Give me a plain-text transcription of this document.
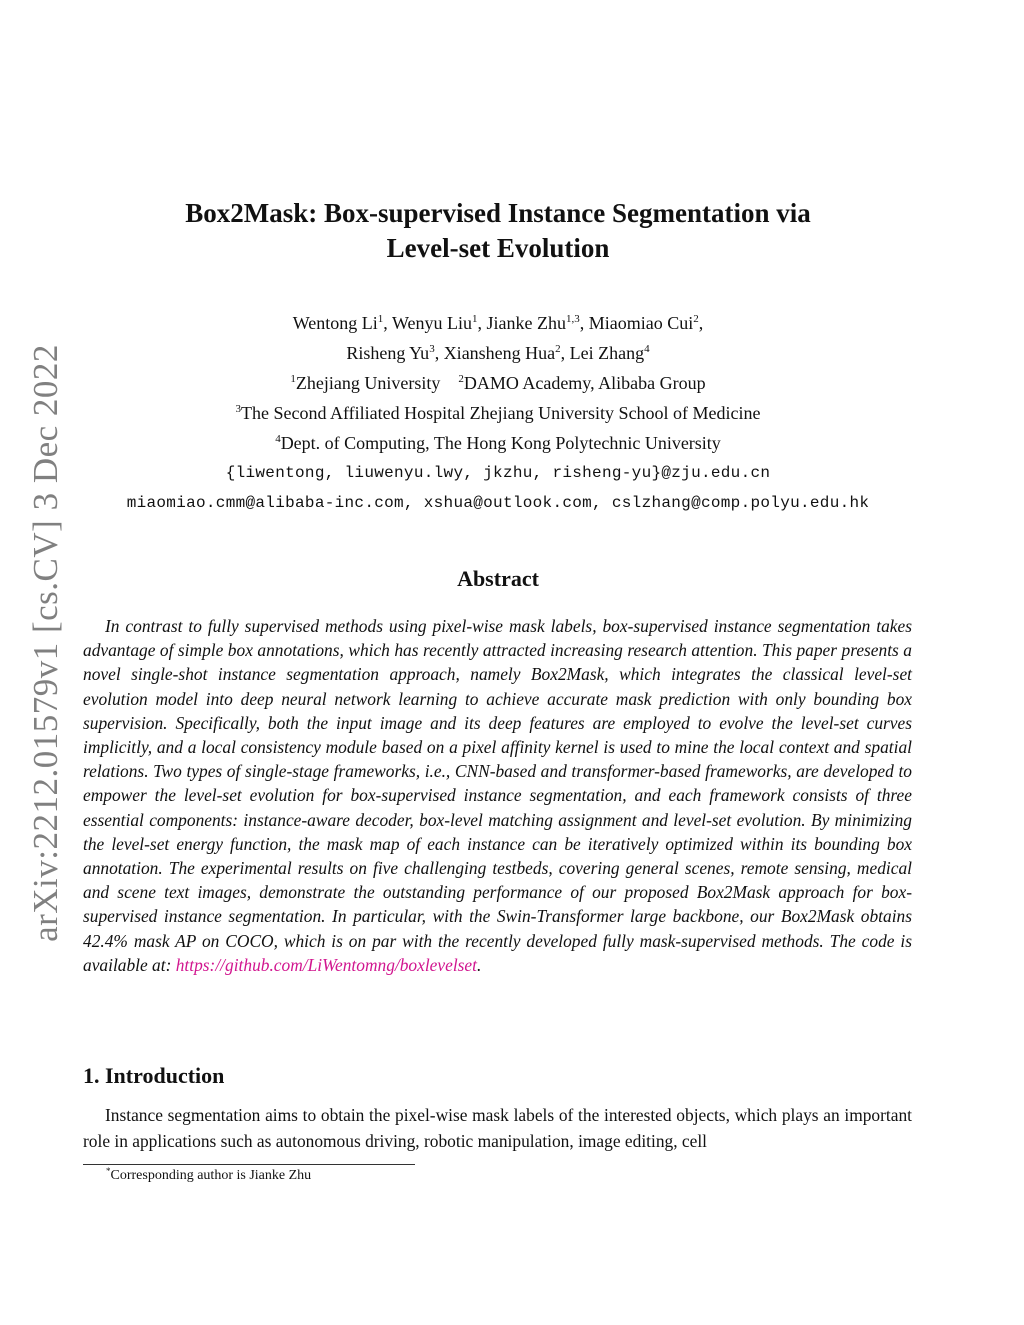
arXiv:2212.01579v1 [cs.CV] 3 Dec 2022
Box2Mask: Box-supervised Instance Segmentation via
Level-set Evolution
Wentong Li$^1$, Wenyu Liu$^1$, Jianke Zhu$^{1,3}$, Miaomiao Cui$^2$,
Risheng Yu$^3$, Xiansheng Hua$^2$, Lei Zhang$^4$
$^1$Zhejiang University $^2$DAMO Academy, Alibaba Group
$^3$The Second Affiliated Hospital Zhejiang University School of Medicine
$^4$Dept. of Computing, The Hong Kong Polytechnic University
{liwentong, liuwenyu.lwy, jkzhu, risheng-yu}@zju.edu.cn
miaomiao.cmm@alibaba-inc.com, xshua@outlook.com, cslzhang@comp.polyu.edu.hk
Abstract

In contrast to fully supervised methods using pixel-wise mask labels, box-supervised instance segmentation takes advantage of simple box annotations, which has recently attracted increasing research attention. This paper presents a novel single-shot instance segmentation approach, namely Box2Mask, which integrates the classical level-set evolution model into deep neural network learning to achieve accurate mask prediction with only bounding box supervision. Specifically, both the input image and its deep features are employed to evolve the level-set curves implicitly, and a local consistency module based on a pixel affinity kernel is used to mine the local context and spatial relations. Two types of single-stage frameworks, i.e., CNN-based and transformer-based frameworks, are developed to empower the level-set evolution for box-supervised instance segmentation, and each framework consists of three essential components: instance-aware decoder, box-level matching assignment and level-set evolution. By minimizing the level-set energy function, the mask map of each instance can be iteratively optimized within its bounding box annotation. The experimental results on five challenging testbeds, covering general scenes, remote sensing, medical and scene text images, demonstrate the outstanding performance of our proposed Box2Mask approach for box-supervised instance segmentation. In particular, with the Swin-Transformer large backbone, our Box2Mask obtains 42.4% mask AP on COCO, which is on par with the recently developed fully mask-supervised methods. The code is available at: https://github.com/LiWentomng/boxlevelset.

1. Introduction

Instance segmentation aims to obtain the pixel-wise mask labels of the interested objects, which plays an important role in applications such as autonomous driving, robotic manipulation, image editing, cell

*Corresponding author is Jianke Zhu
